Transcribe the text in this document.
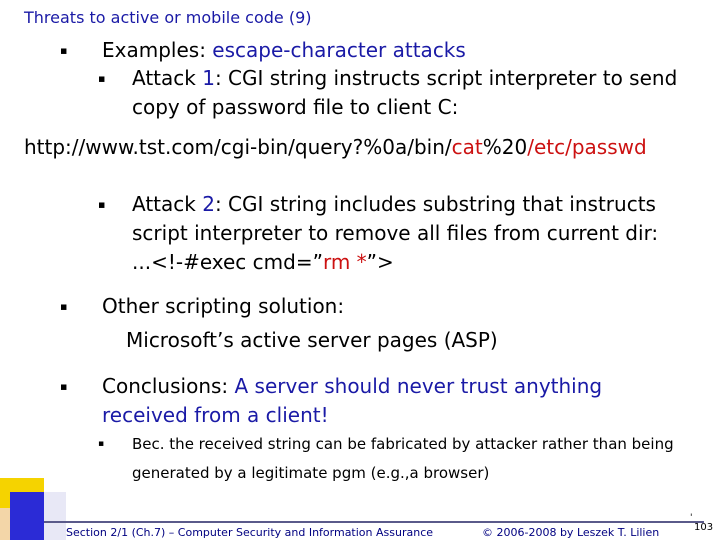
Threats to active or mobile code (9)
▪ Examples: escape-character attacks
▪ Attack 1: CGI string instructs script interpreter to send
copy of password file to client C:
http://www.tst.com/cgi-bin/query?%0a/bin/cat%20/etc/passwd
▪ Attack 2: CGI string includes substring that instructs
script interpreter to remove all files from current dir:
...<!-#exec cmd=”rm *”>
▪ Other scripting solution:
Microsoft’s active server pages (ASP)
▪ Conclusions: A server should never trust anything
received from a client!
▪ Bec. the received string can be fabricated by attacker rather than being
generated by a legitimate pgm (e.g.,a browser)
Section 2/1 (Ch.7) – Computer Security and Information Assurance	© 2006-2008 by Leszek T. Lilien
'
103
